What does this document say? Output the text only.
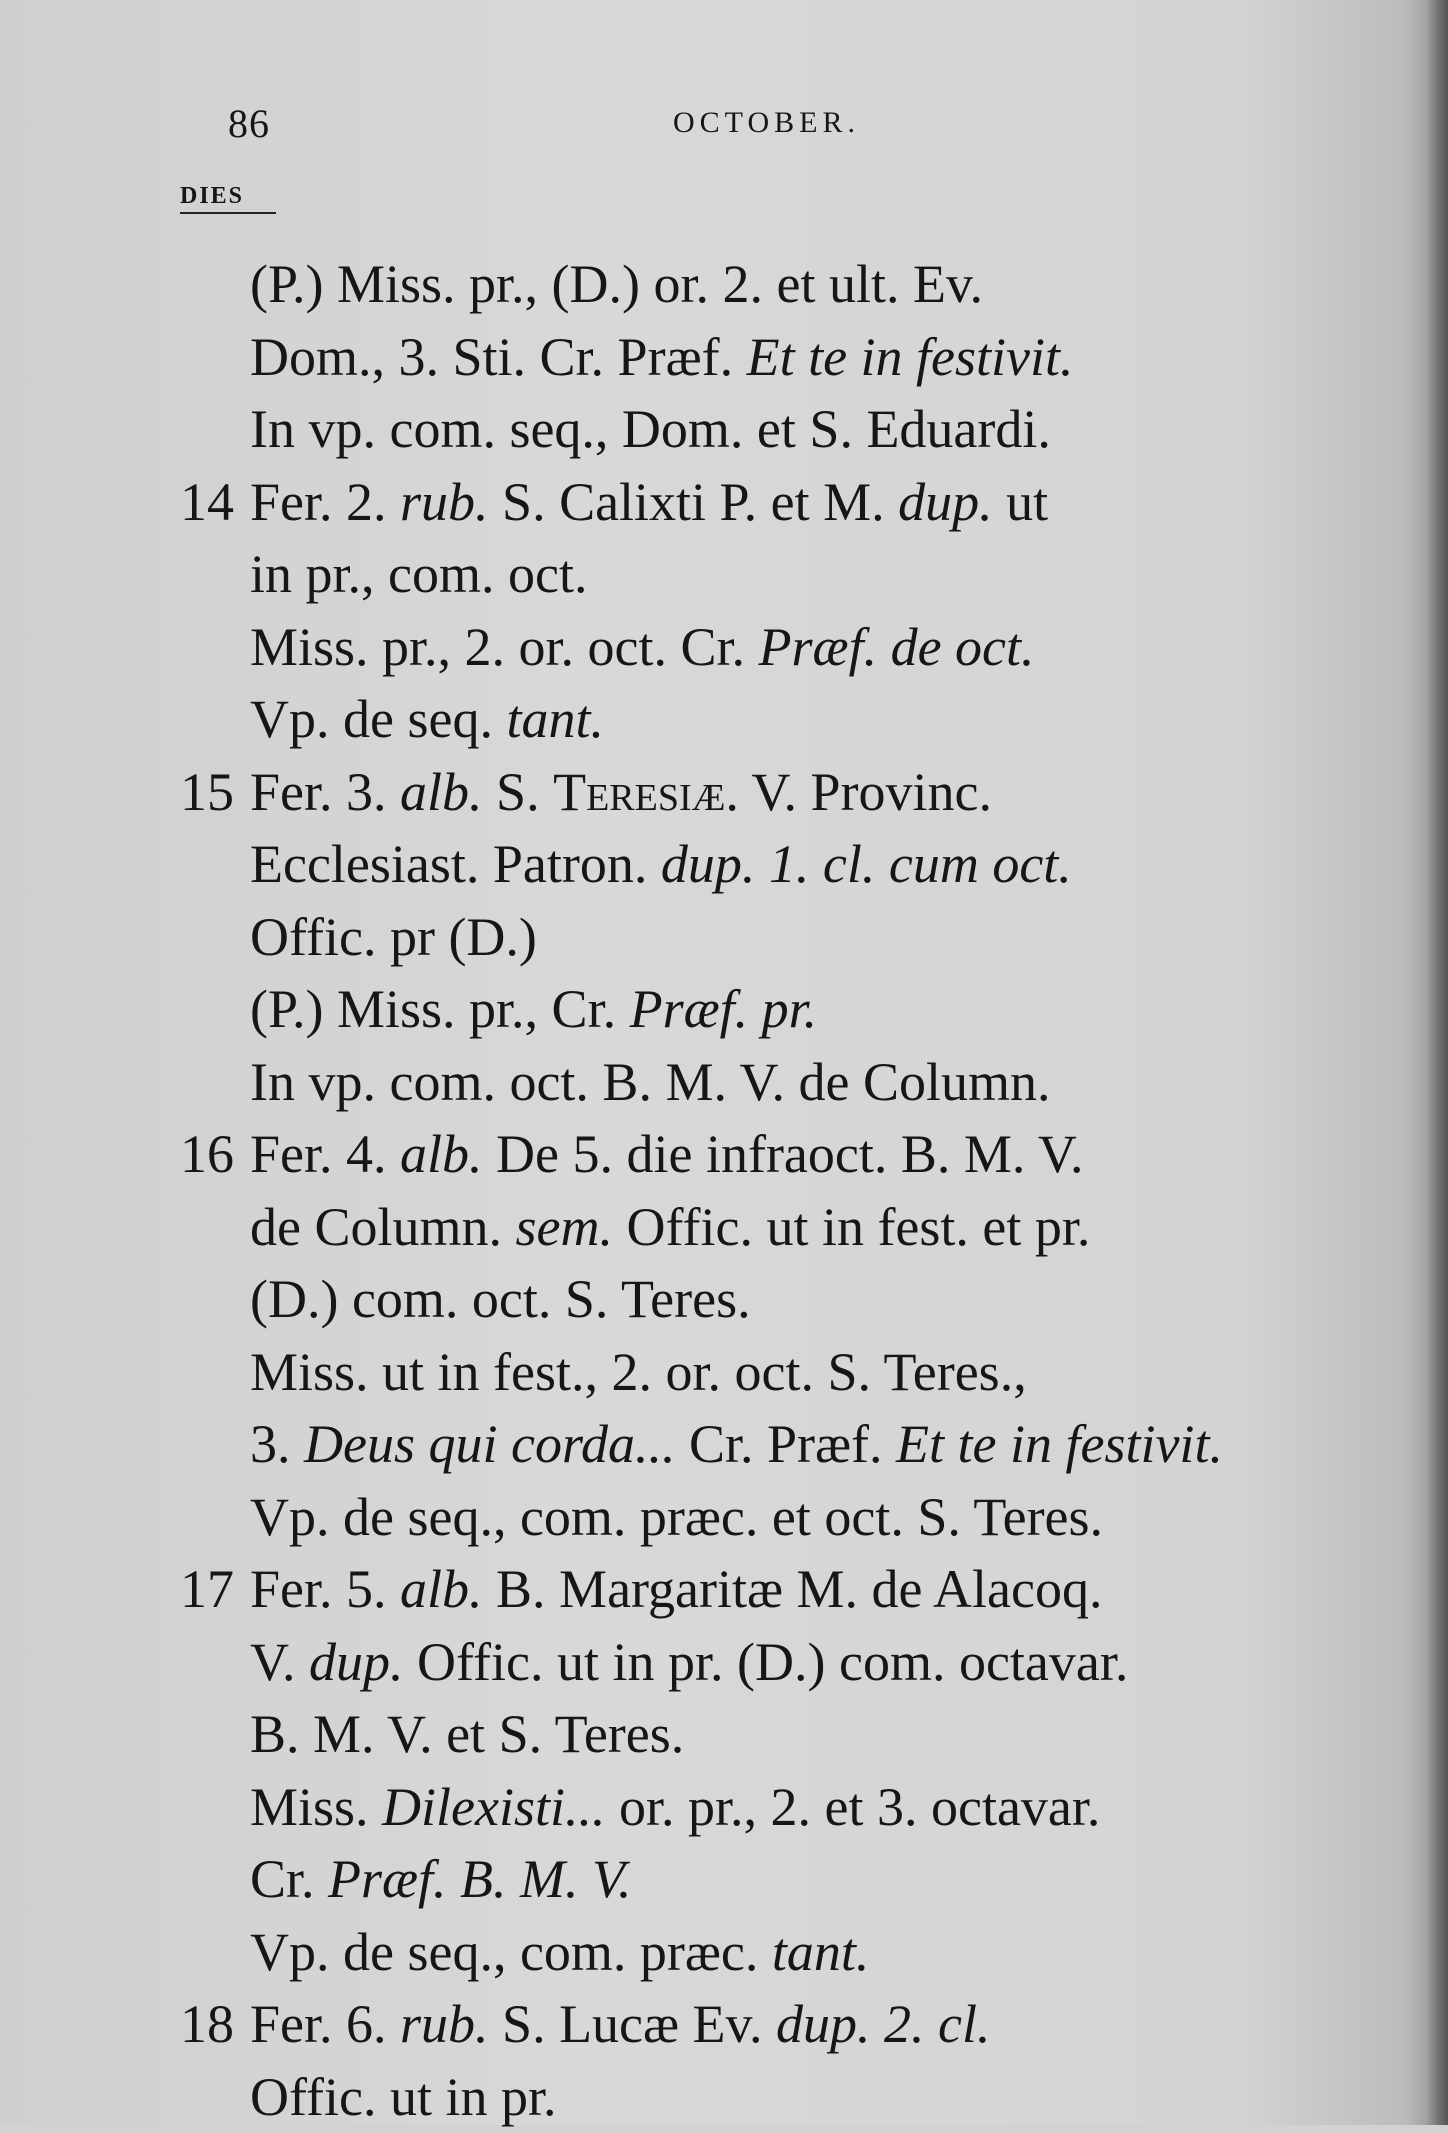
86	OCTOBER.
DIES
(P.) Miss. pr., (D.) or. 2. et ult. Ev.
Dom., 3. Sti. Cr. Præf. Et te in festivit.
In vp. com. seq., Dom. et S. Eduardi.
14 Fer. 2. rub. S. Calixti P. et M. dup. ut
in pr., com. oct.
Miss. pr., 2. or. oct. Cr. Præf. de oct.
Vp. de seq. tant.
15 Fer. 3. alb. S. Teresiæ. V. Provinc.
Ecclesiast. Patron. dup. 1. cl. cum oct.
Offic. pr (D.)
(P.) Miss. pr., Cr. Præf. pr.
In vp. com. oct. B. M. V. de Column.
16 Fer. 4. alb. De 5. die infraoct. B. M. V.
de Column. sem. Offic. ut in fest. et pr.
(D.) com. oct. S. Teres.
Miss. ut in fest., 2. or. oct. S. Teres.,
3. Deus qui corda... Cr. Præf. Et te in festivit.
Vp. de seq., com. præc. et oct. S. Teres.
17 Fer. 5. alb. B. Margaritæ M. de Alacoq.
V. dup. Offic. ut in pr. (D.) com. octavar.
B. M. V. et S. Teres.
Miss. Dilexisti... or. pr., 2. et 3. octavar.
Cr. Præf. B. M. V.
Vp. de seq., com. præc. tant.
18 Fer. 6. rub. S. Lucæ Ev. dup. 2. cl.
Offic. ut in pr.
